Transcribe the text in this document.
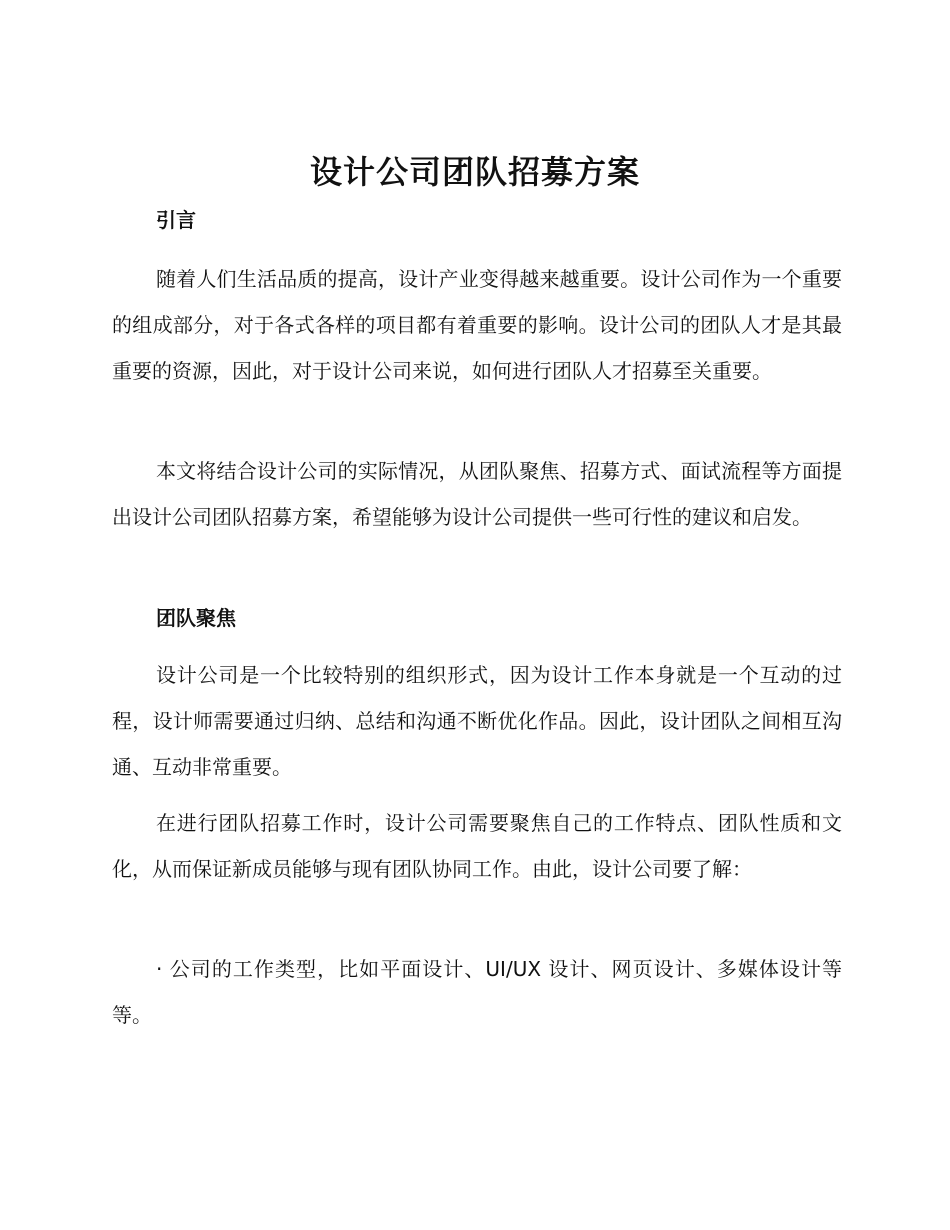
设计公司团队招募方案
引言

随着人们生活品质的提高，设计产业变得越来越重要。设计公司作为一个重要的组成部分，对于各式各样的项目都有着重要的影响。设计公司的团队人才是其最重要的资源，因此，对于设计公司来说，如何进行团队人才招募至关重要。

本文将结合设计公司的实际情况，从团队聚焦、招募方式、面试流程等方面提出设计公司团队招募方案，希望能够为设计公司提供一些可行性的建议和启发。

团队聚焦

设计公司是一个比较特别的组织形式，因为设计工作本身就是一个互动的过程，设计师需要通过归纳、总结和沟通不断优化作品。因此，设计团队之间相互沟通、互动非常重要。

在进行团队招募工作时，设计公司需要聚焦自己的工作特点、团队性质和文化，从而保证新成员能够与现有团队协同工作。由此，设计公司要了解：

· 公司的工作类型，比如平面设计、UI/UX 设计、网页设计、多媒体设计等等。
